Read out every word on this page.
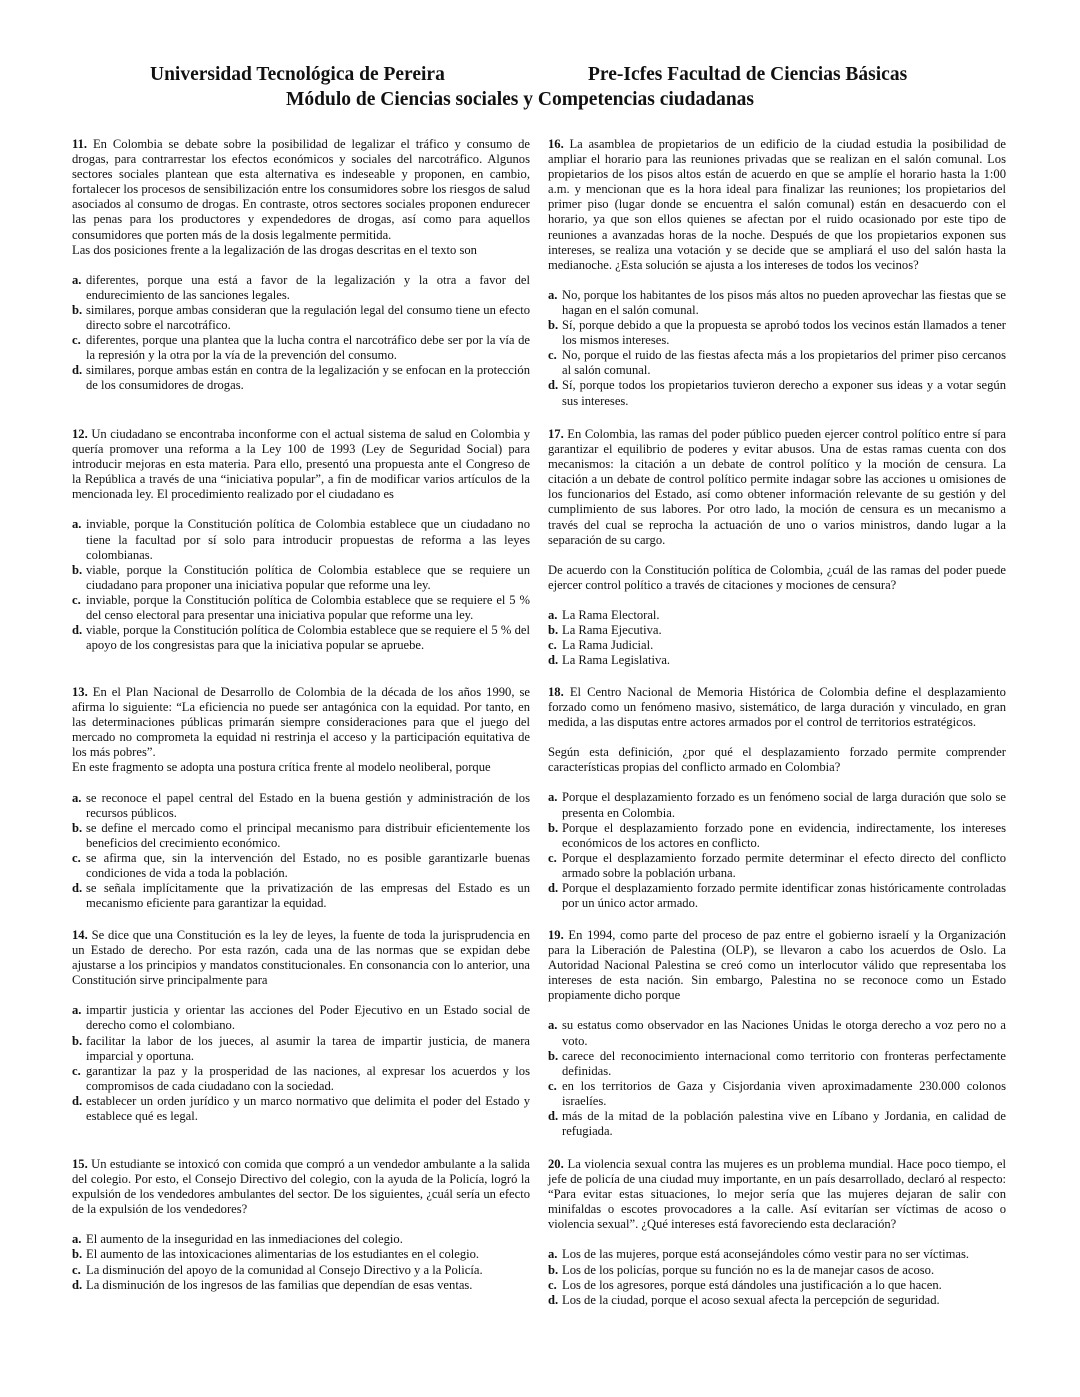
Universidad Tecnológica de Pereira	Pre-Icfes Facultad de Ciencias Básicas
Módulo de Ciencias sociales y Competencias ciudadanas

11. En Colombia se debate sobre la posibilidad de legalizar el tráfico y consumo de drogas, para contrarrestar los efectos económicos y sociales del narcotráfico. Algunos sectores sociales plantean que esta alternativa es indeseable y proponen, en cambio, fortalecer los procesos de sensibilización entre los consumidores sobre los riesgos de salud asociados al consumo de drogas. En contraste, otros sectores sociales proponen endurecer las penas para los productores y expendedores de drogas, así como para aquellos consumidores que porten más de la dosis legalmente permitida.

Las dos posiciones frente a la legalización de las drogas descritas en el texto son

a. diferentes, porque una está a favor de la legalización y la otra a favor del endurecimiento de las sanciones legales.
b. similares, porque ambas consideran que la regulación legal del consumo tiene un efecto directo sobre el narcotráfico.
c. diferentes, porque una plantea que la lucha contra el narcotráfico debe ser por la vía de la represión y la otra por la vía de la prevención del consumo.
d. similares, porque ambas están en contra de la legalización y se enfocan en la protección de los consumidores de drogas.

12. Un ciudadano se encontraba inconforme con el actual sistema de salud en Colombia y quería promover una reforma a la Ley 100 de 1993 (Ley de Seguridad Social) para introducir mejoras en esta materia. Para ello, presentó una propuesta ante el Congreso de la República a través de una “iniciativa popular”, a fin de modificar varios artículos de la mencionada ley. El procedimiento realizado por el ciudadano es

a. inviable, porque la Constitución política de Colombia establece que un ciudadano no tiene la facultad por sí solo para introducir propuestas de reforma a las leyes colombianas.
b. viable, porque la Constitución política de Colombia establece que se requiere un ciudadano para proponer una iniciativa popular que reforme una ley.
c. inviable, porque la Constitución política de Colombia establece que se requiere el 5 % del censo electoral para presentar una iniciativa popular que reforme una ley.
d. viable, porque la Constitución política de Colombia establece que se requiere el 5 % del apoyo de los congresistas para que la iniciativa popular se apruebe.

13. En el Plan Nacional de Desarrollo de Colombia de la década de los años 1990, se afirma lo siguiente: “La eficiencia no puede ser antagónica con la equidad. Por tanto, en las determinaciones públicas primarán siempre consideraciones para que el juego del mercado no comprometa la equidad ni restrinja el acceso y la participación equitativa de los más pobres”.

En este fragmento se adopta una postura crítica frente al modelo neoliberal, porque

a. se reconoce el papel central del Estado en la buena gestión y administración de los recursos públicos.
b. se define el mercado como el principal mecanismo para distribuir eficientemente los beneficios del crecimiento económico.
c. se afirma que, sin la intervención del Estado, no es posible garantizarle buenas condiciones de vida a toda la población.
d. se señala implícitamente que la privatización de las empresas del Estado es un mecanismo eficiente para garantizar la equidad.

14. Se dice que una Constitución es la ley de leyes, la fuente de toda la jurisprudencia en un Estado de derecho. Por esta razón, cada una de las normas que se expidan debe ajustarse a los principios y mandatos constitucionales. En consonancia con lo anterior, una Constitución sirve principalmente para

a. impartir justicia y orientar las acciones del Poder Ejecutivo en un Estado social de derecho como el colombiano.
b. facilitar la labor de los jueces, al asumir la tarea de impartir justicia, de manera imparcial y oportuna.
c. garantizar la paz y la prosperidad de las naciones, al expresar los acuerdos y los compromisos de cada ciudadano con la sociedad.
d. establecer un orden jurídico y un marco normativo que delimita el poder del Estado y establece qué es legal.

15. Un estudiante se intoxicó con comida que compró a un vendedor ambulante a la salida del colegio. Por esto, el Consejo Directivo del colegio, con la ayuda de la Policía, logró la expulsión de los vendedores ambulantes del sector. De los siguientes, ¿cuál sería un efecto de la expulsión de los vendedores?

a. El aumento de la inseguridad en las inmediaciones del colegio.
b. El aumento de las intoxicaciones alimentarias de los estudiantes en el colegio.
c. La disminución del apoyo de la comunidad al Consejo Directivo y a la Policía.
d. La disminución de los ingresos de las familias que dependían de esas ventas.

16. La asamblea de propietarios de un edificio de la ciudad estudia la posibilidad de ampliar el horario para las reuniones privadas que se realizan en el salón comunal. Los propietarios de los pisos altos están de acuerdo en que se amplíe el horario hasta la 1:00 a.m. y mencionan que es la hora ideal para finalizar las reuniones; los propietarios del primer piso (lugar donde se encuentra el salón comunal) están en desacuerdo con el horario, ya que son ellos quienes se afectan por el ruido ocasionado por este tipo de reuniones a avanzadas horas de la noche. Después de que los propietarios exponen sus intereses, se realiza una votación y se decide que se ampliará el uso del salón hasta la medianoche. ¿Esta solución se ajusta a los intereses de todos los vecinos?

a. No, porque los habitantes de los pisos más altos no pueden aprovechar las fiestas que se hagan en el salón comunal.
b. Sí, porque debido a que la propuesta se aprobó todos los vecinos están llamados a tener los mismos intereses.
c. No, porque el ruido de las fiestas afecta más a los propietarios del primer piso cercanos al salón comunal.
d. Sí, porque todos los propietarios tuvieron derecho a exponer sus ideas y a votar según sus intereses.

17. En Colombia, las ramas del poder público pueden ejercer control político entre sí para garantizar el equilibrio de poderes y evitar abusos. Una de estas ramas cuenta con dos mecanismos: la citación a un debate de control político y la moción de censura. La citación a un debate de control político permite indagar sobre las acciones u omisiones de los funcionarios del Estado, así como obtener información relevante de su gestión y del cumplimiento de sus labores. Por otro lado, la moción de censura es un mecanismo a través del cual se reprocha la actuación de uno o varios ministros, dando lugar a la separación de su cargo.

De acuerdo con la Constitución política de Colombia, ¿cuál de las ramas del poder puede ejercer control político a través de citaciones y mociones de censura?

a. La Rama Electoral.
b. La Rama Ejecutiva.
c. La Rama Judicial.
d. La Rama Legislativa.

18. El Centro Nacional de Memoria Histórica de Colombia define el desplazamiento forzado como un fenómeno masivo, sistemático, de larga duración y vinculado, en gran medida, a las disputas entre actores armados por el control de territorios estratégicos.

Según esta definición, ¿por qué el desplazamiento forzado permite comprender características propias del conflicto armado en Colombia?

a. Porque el desplazamiento forzado es un fenómeno social de larga duración que solo se presenta en Colombia.
b. Porque el desplazamiento forzado pone en evidencia, indirectamente, los intereses económicos de los actores en conflicto.
c. Porque el desplazamiento forzado permite determinar el efecto directo del conflicto armado sobre la población urbana.
d. Porque el desplazamiento forzado permite identificar zonas históricamente controladas por un único actor armado.

19. En 1994, como parte del proceso de paz entre el gobierno israelí y la Organización para la Liberación de Palestina (OLP), se llevaron a cabo los acuerdos de Oslo. La Autoridad Nacional Palestina se creó como un interlocutor válido que representaba los intereses de esta nación. Sin embargo, Palestina no se reconoce como un Estado propiamente dicho porque

a. su estatus como observador en las Naciones Unidas le otorga derecho a voz pero no a voto.
b. carece del reconocimiento internacional como territorio con fronteras perfectamente definidas.
c. en los territorios de Gaza y Cisjordania viven aproximadamente 230.000 colonos israelíes.
d. más de la mitad de la población palestina vive en Líbano y Jordania, en calidad de refugiada.

20. La violencia sexual contra las mujeres es un problema mundial. Hace poco tiempo, el jefe de policía de una ciudad muy importante, en un país desarrollado, declaró al respecto: “Para evitar estas situaciones, lo mejor sería que las mujeres dejaran de salir con minifaldas o escotes provocadores a la calle. Así evitarían ser víctimas de acoso o violencia sexual”. ¿Qué intereses está favoreciendo esta declaración?

a. Los de las mujeres, porque está aconsejándoles cómo vestir para no ser víctimas.
b. Los de los policías, porque su función no es la de manejar casos de acoso.
c. Los de los agresores, porque está dándoles una justificación a lo que hacen.
d. Los de la ciudad, porque el acoso sexual afecta la percepción de seguridad.
